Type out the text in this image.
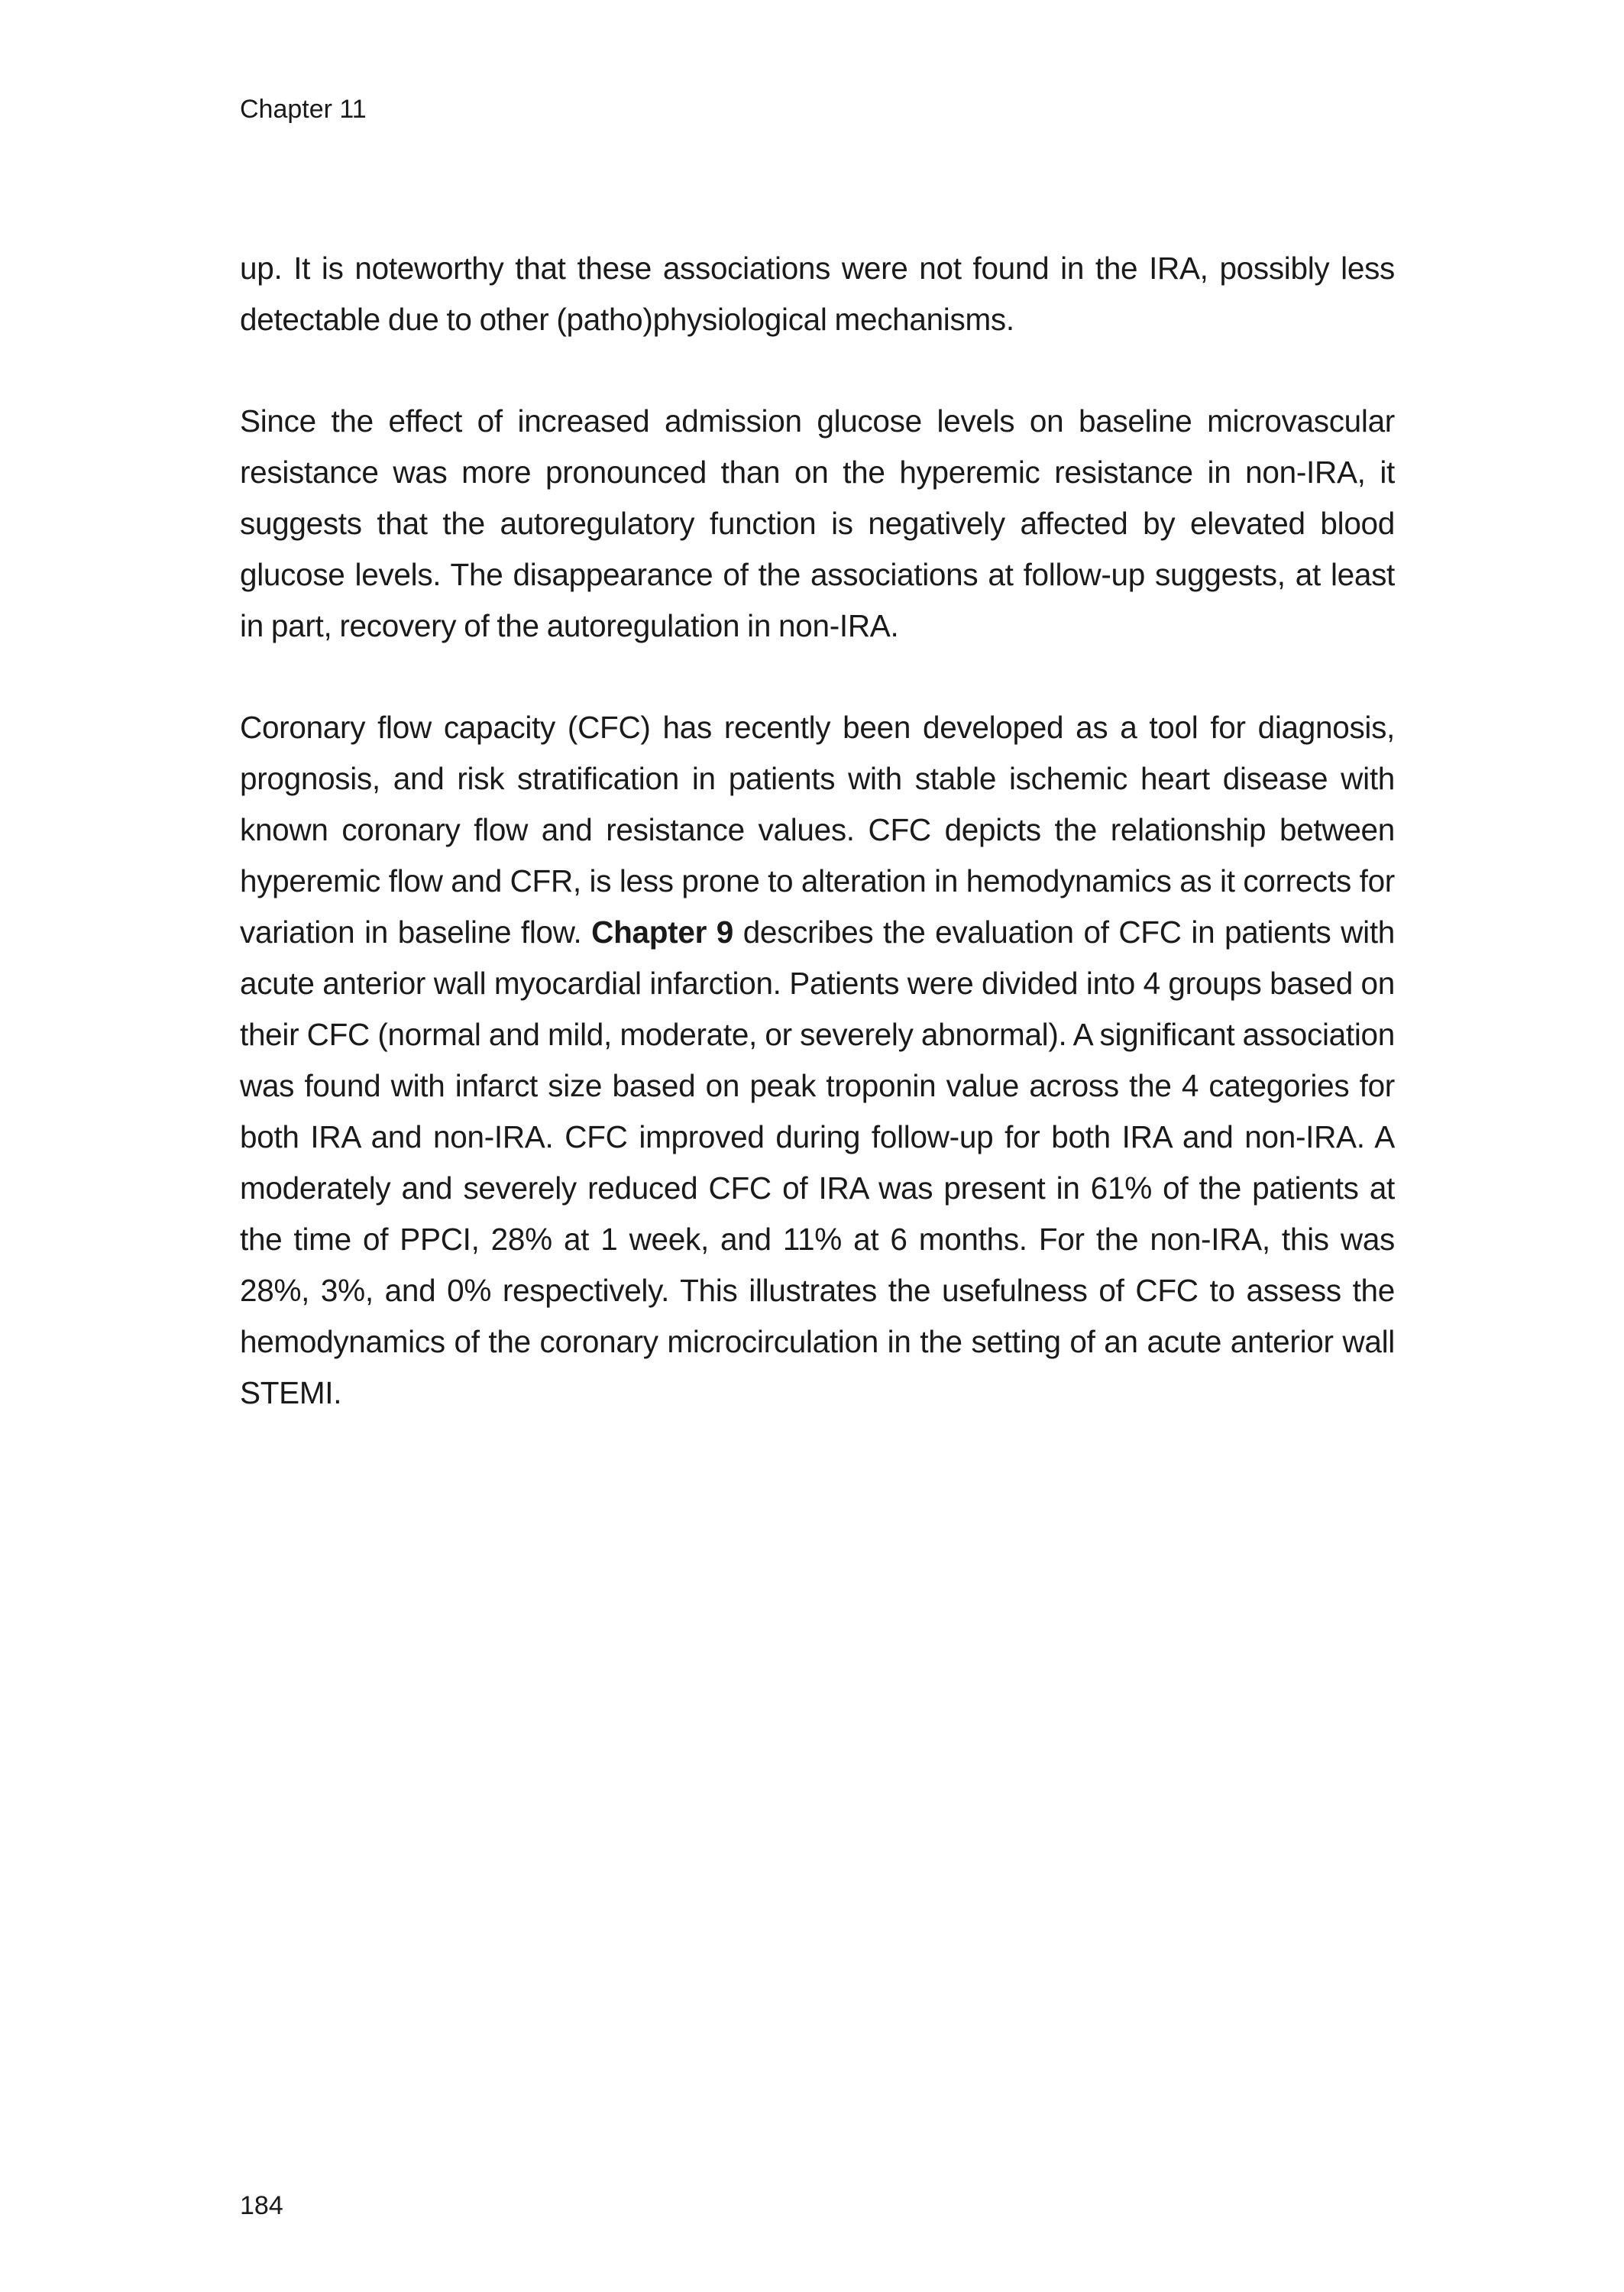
Chapter 11

up. It is noteworthy that these associations were not found in the IRA, possibly less detectable due to other (patho)physiological mechanisms.

Since the effect of increased admission glucose levels on baseline microvascular resistance was more pronounced than on the hyperemic resistance in non-IRA, it suggests that the autoregulatory function is negatively affected by elevated blood glucose levels. The disappearance of the associations at follow-up suggests, at least in part, recovery of the autoregulation in non-IRA.

Coronary flow capacity (CFC) has recently been developed as a tool for diagnosis, prognosis, and risk stratification in patients with stable ischemic heart disease with known coronary flow and resistance values. CFC depicts the relationship between hyperemic flow and CFR, is less prone to alteration in hemodynamics as it corrects for variation in baseline flow. Chapter 9 describes the evaluation of CFC in patients with acute anterior wall myocardial infarction. Patients were divided into 4 groups based on their CFC (normal and mild, moderate, or severely abnormal). A significant association was found with infarct size based on peak troponin value across the 4 categories for both IRA and non-IRA. CFC improved during follow-up for both IRA and non-IRA. A moderately and severely reduced CFC of IRA was present in 61% of the patients at the time of PPCI, 28% at 1 week, and 11% at 6 months. For the non-IRA, this was 28%, 3%, and 0% respectively. This illustrates the usefulness of CFC to assess the hemodynamics of the coronary microcirculation in the setting of an acute anterior wall STEMI.

184
